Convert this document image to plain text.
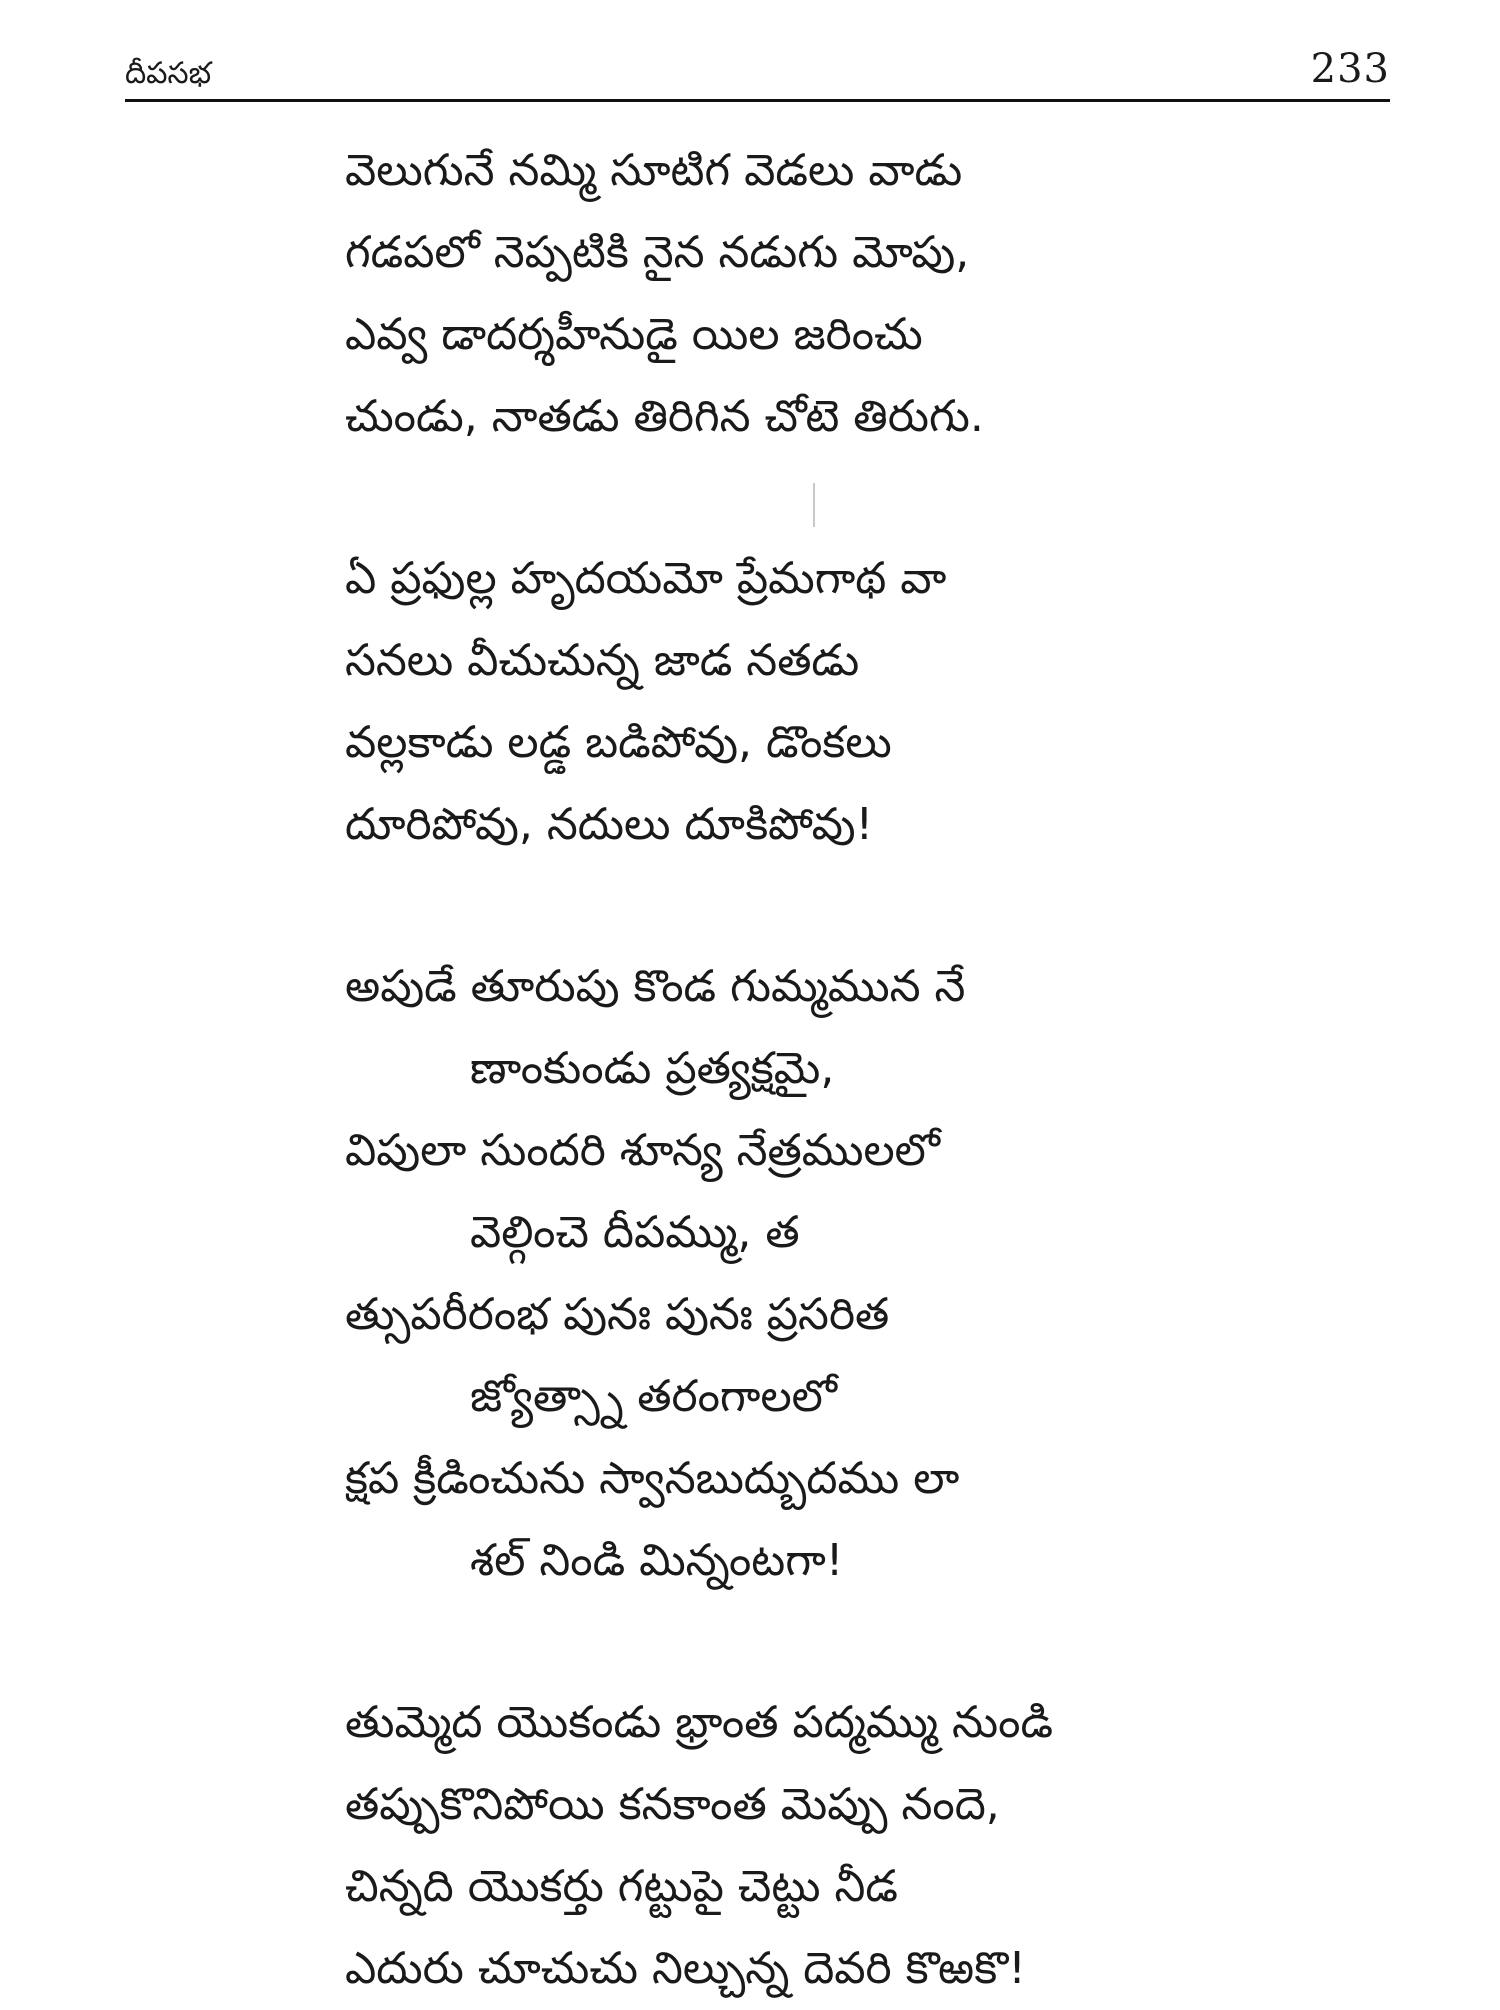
దీపసభ	233
వెలుగునే నమ్మి సూటిగ వెడలు వాడు
గడపలో నెప్పటికి నైన నడుగు మోపు,
ఎవ్వ డాదర్శహీనుడై యిల జరించు
చుండు, నాతడు తిరిగిన చోటె తిరుగు.
ఏ ప్రఫుల్ల హృదయమో ప్రేమగాథ వా
సనలు వీచుచున్న జాడ నతడు
వల్లకాడు లడ్డ బడిపోవు, డొంకలు
దూరిపోవు, నదులు దూకిపోవు!
అపుడే తూరుపు కొండ గుమ్మమున నే
ణాంకుండు ప్రత్యక్షమై,
విపులా సుందరి శూన్య నేత్రములలో
వెల్గించె దీపమ్ము, త
త్సుపరీరంభ పునః పునః ప్రసరిత
జ్యోత్స్నా తరంగాలలో
క్షప క్రీడించును స్వానబుద్బుదము లా
శల్ నిండి మిన్నంటగా!
తుమ్మెద యొకండు భ్రాంత పద్మమ్ము నుండి
తప్పుకొనిపోయి కనకాంత మెప్పు నందె,
చిన్నది యొకర్తు గట్టుపై చెట్టు నీడ
ఎదురు చూచుచు నిల్చున్న దెవరి కొఱకొ!
